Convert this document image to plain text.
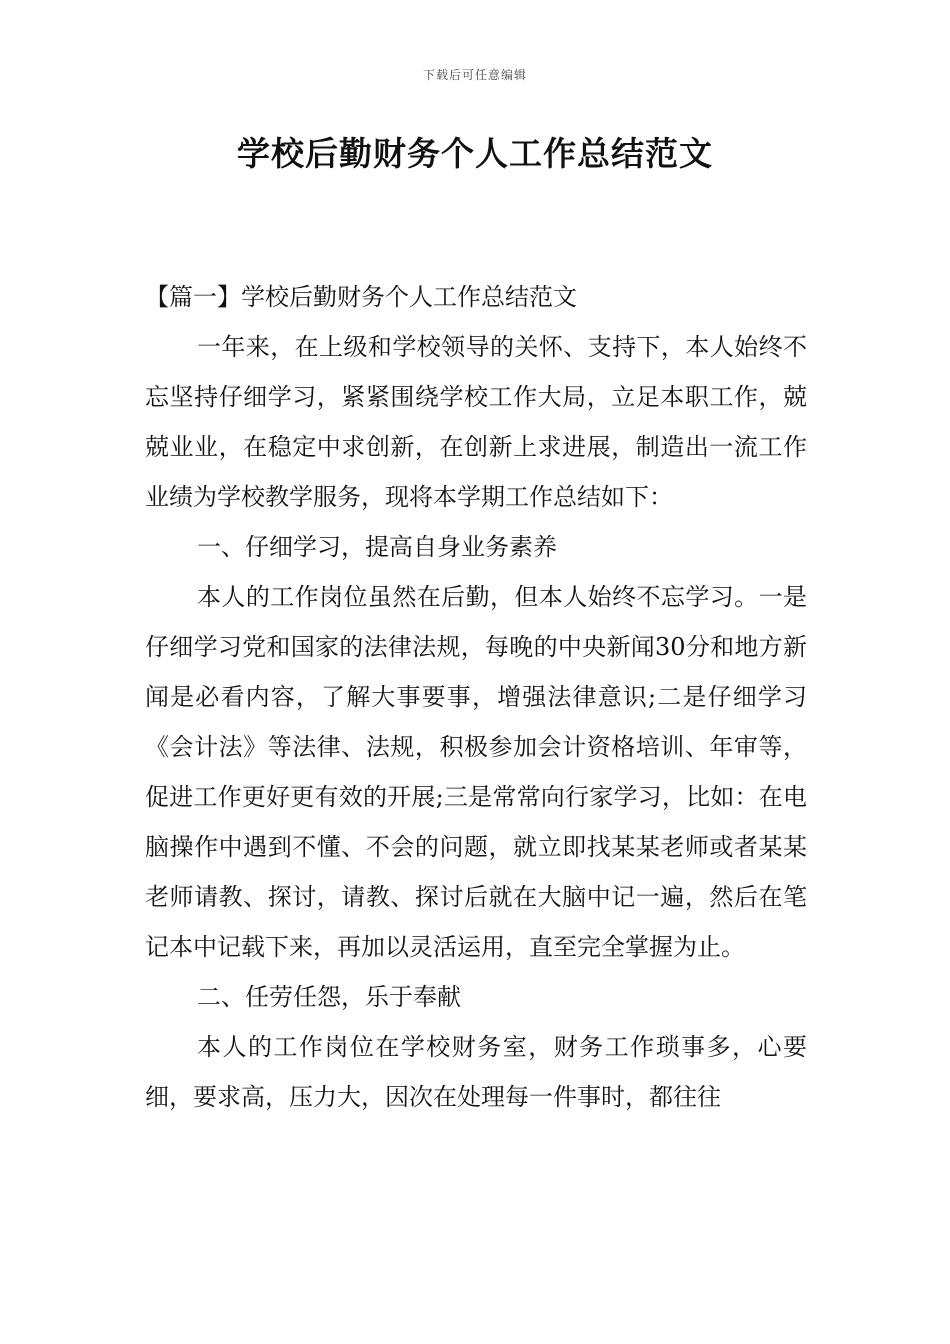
下载后可任意编辑
学校后勤财务个人工作总结范文

【篇一】学校后勤财务个人工作总结范文

一年来，在上级和学校领导的关怀、支持下，本人始终不忘坚持仔细学习，紧紧围绕学校工作大局，立足本职工作，兢兢业业，在稳定中求创新，在创新上求进展，制造出一流工作业绩为学校教学服务，现将本学期工作总结如下：

一、仔细学习，提高自身业务素养

本人的工作岗位虽然在后勤，但本人始终不忘学习。一是仔细学习党和国家的法律法规，每晚的中央新闻30分和地方新闻是必看内容，了解大事要事，增强法律意识;二是仔细学习《会计法》等法律、法规，积极参加会计资格培训、年审等，促进工作更好更有效的开展;三是常常向行家学习，比如：在电脑操作中遇到不懂、不会的问题，就立即找某某老师或者某某老师请教、探讨，请教、探讨后就在大脑中记一遍，然后在笔记本中记载下来，再加以灵活运用，直至完全掌握为止。

二、任劳任怨，乐于奉献

本人的工作岗位在学校财务室，财务工作琐事多，心要细，要求高，压力大，因次在处理每一件事时，都往往
